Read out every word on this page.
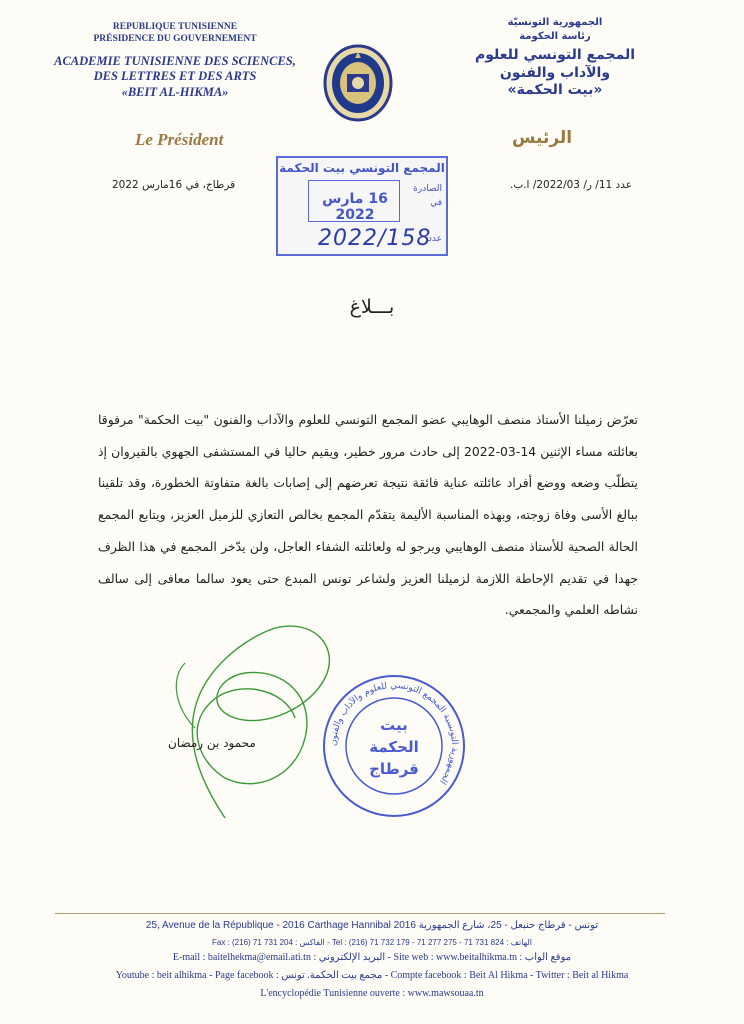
REPUBLIQUE TUNISIENNE
PRÉSIDENCE DU GOUVERNEMENT
ACADEMIE TUNISIENNE DES SCIENCES,
DES LETTRES ET DES ARTS
«BEIT AL-HIKMA»
الجمهورية التونسيّة
رئاسة الحكومة
المجمع التونسي للعلوم
والآداب والفنون
«بيت الحكمة»
Le Président	الرئيس
قرطاج، في 16مارس 2022	عدد 11/ ر/ 2022/03/ ا.ب.
المجمع التونسي بيت الحكمة
16 مارس 2022
الصادرة
في
عدد
2022/158
بـــلاغ
تعرّض زميلنا الأستاذ منصف الوهايبي عضو المجمع التونسي للعلوم والآداب والفنون "بيت الحكمة" مرفوقا بعائلته مساء الإثنين 14-03-2022 إلى حادث مرور خطير، ويقيم حاليا في المستشفى الجهوي بالقيروان إذ يتطلّب وضعه ووضع أفراد عائلته عناية فائقة نتيجة تعرضهم إلى إصابات بالغة متفاوتة الخطورة، وقد تلقينا ببالغ الأسى وفاة زوجته، وبهذه المناسبة الأليمة يتقدّم المجمع بخالص التعازي للزميل العزيز، ويتابع المجمع الحالة الصحية للأستاذ منصف الوهايبي ويرجو له ولعائلته الشفاء العاجل، ولن يدّخر المجمع في هذا الظرف جهدا في تقديم الإحاطة اللازمة لزميلنا العزيز ولشاعر تونس المبدع حتى يعود سالما معافى إلى سالف نشاطه العلمي والمجمعي.
محمود بن رمضان	الجمهورية التونسية المجمع التونسي للعلوم والآداب والفنون
بيت
الحكمة
قرطاج
25, Avenue de la République - 2016 Carthage Hannibal 2016 تونس - قرطاج حنبعل - 25، شارع الجمهورية
Fax : (216) 71 731 204 : الفاكس - Tel : (216) 71 732 179 - 71 277 275 - 71 731 824 : الهاتف
E-mail : baitelhekma@email.ati.tn : البريد الإلكتروني - Site web : www.beitalhikma.tn : موقع الواب
Youtube : beit alhikma - Page facebook : مجمع بيت الحكمة. تونس - Compte facebook : Beit Al Hikma - Twitter : Beit al Hikma
L'encyclopédie Tunisienne ouverte : www.mawsouaa.tn
